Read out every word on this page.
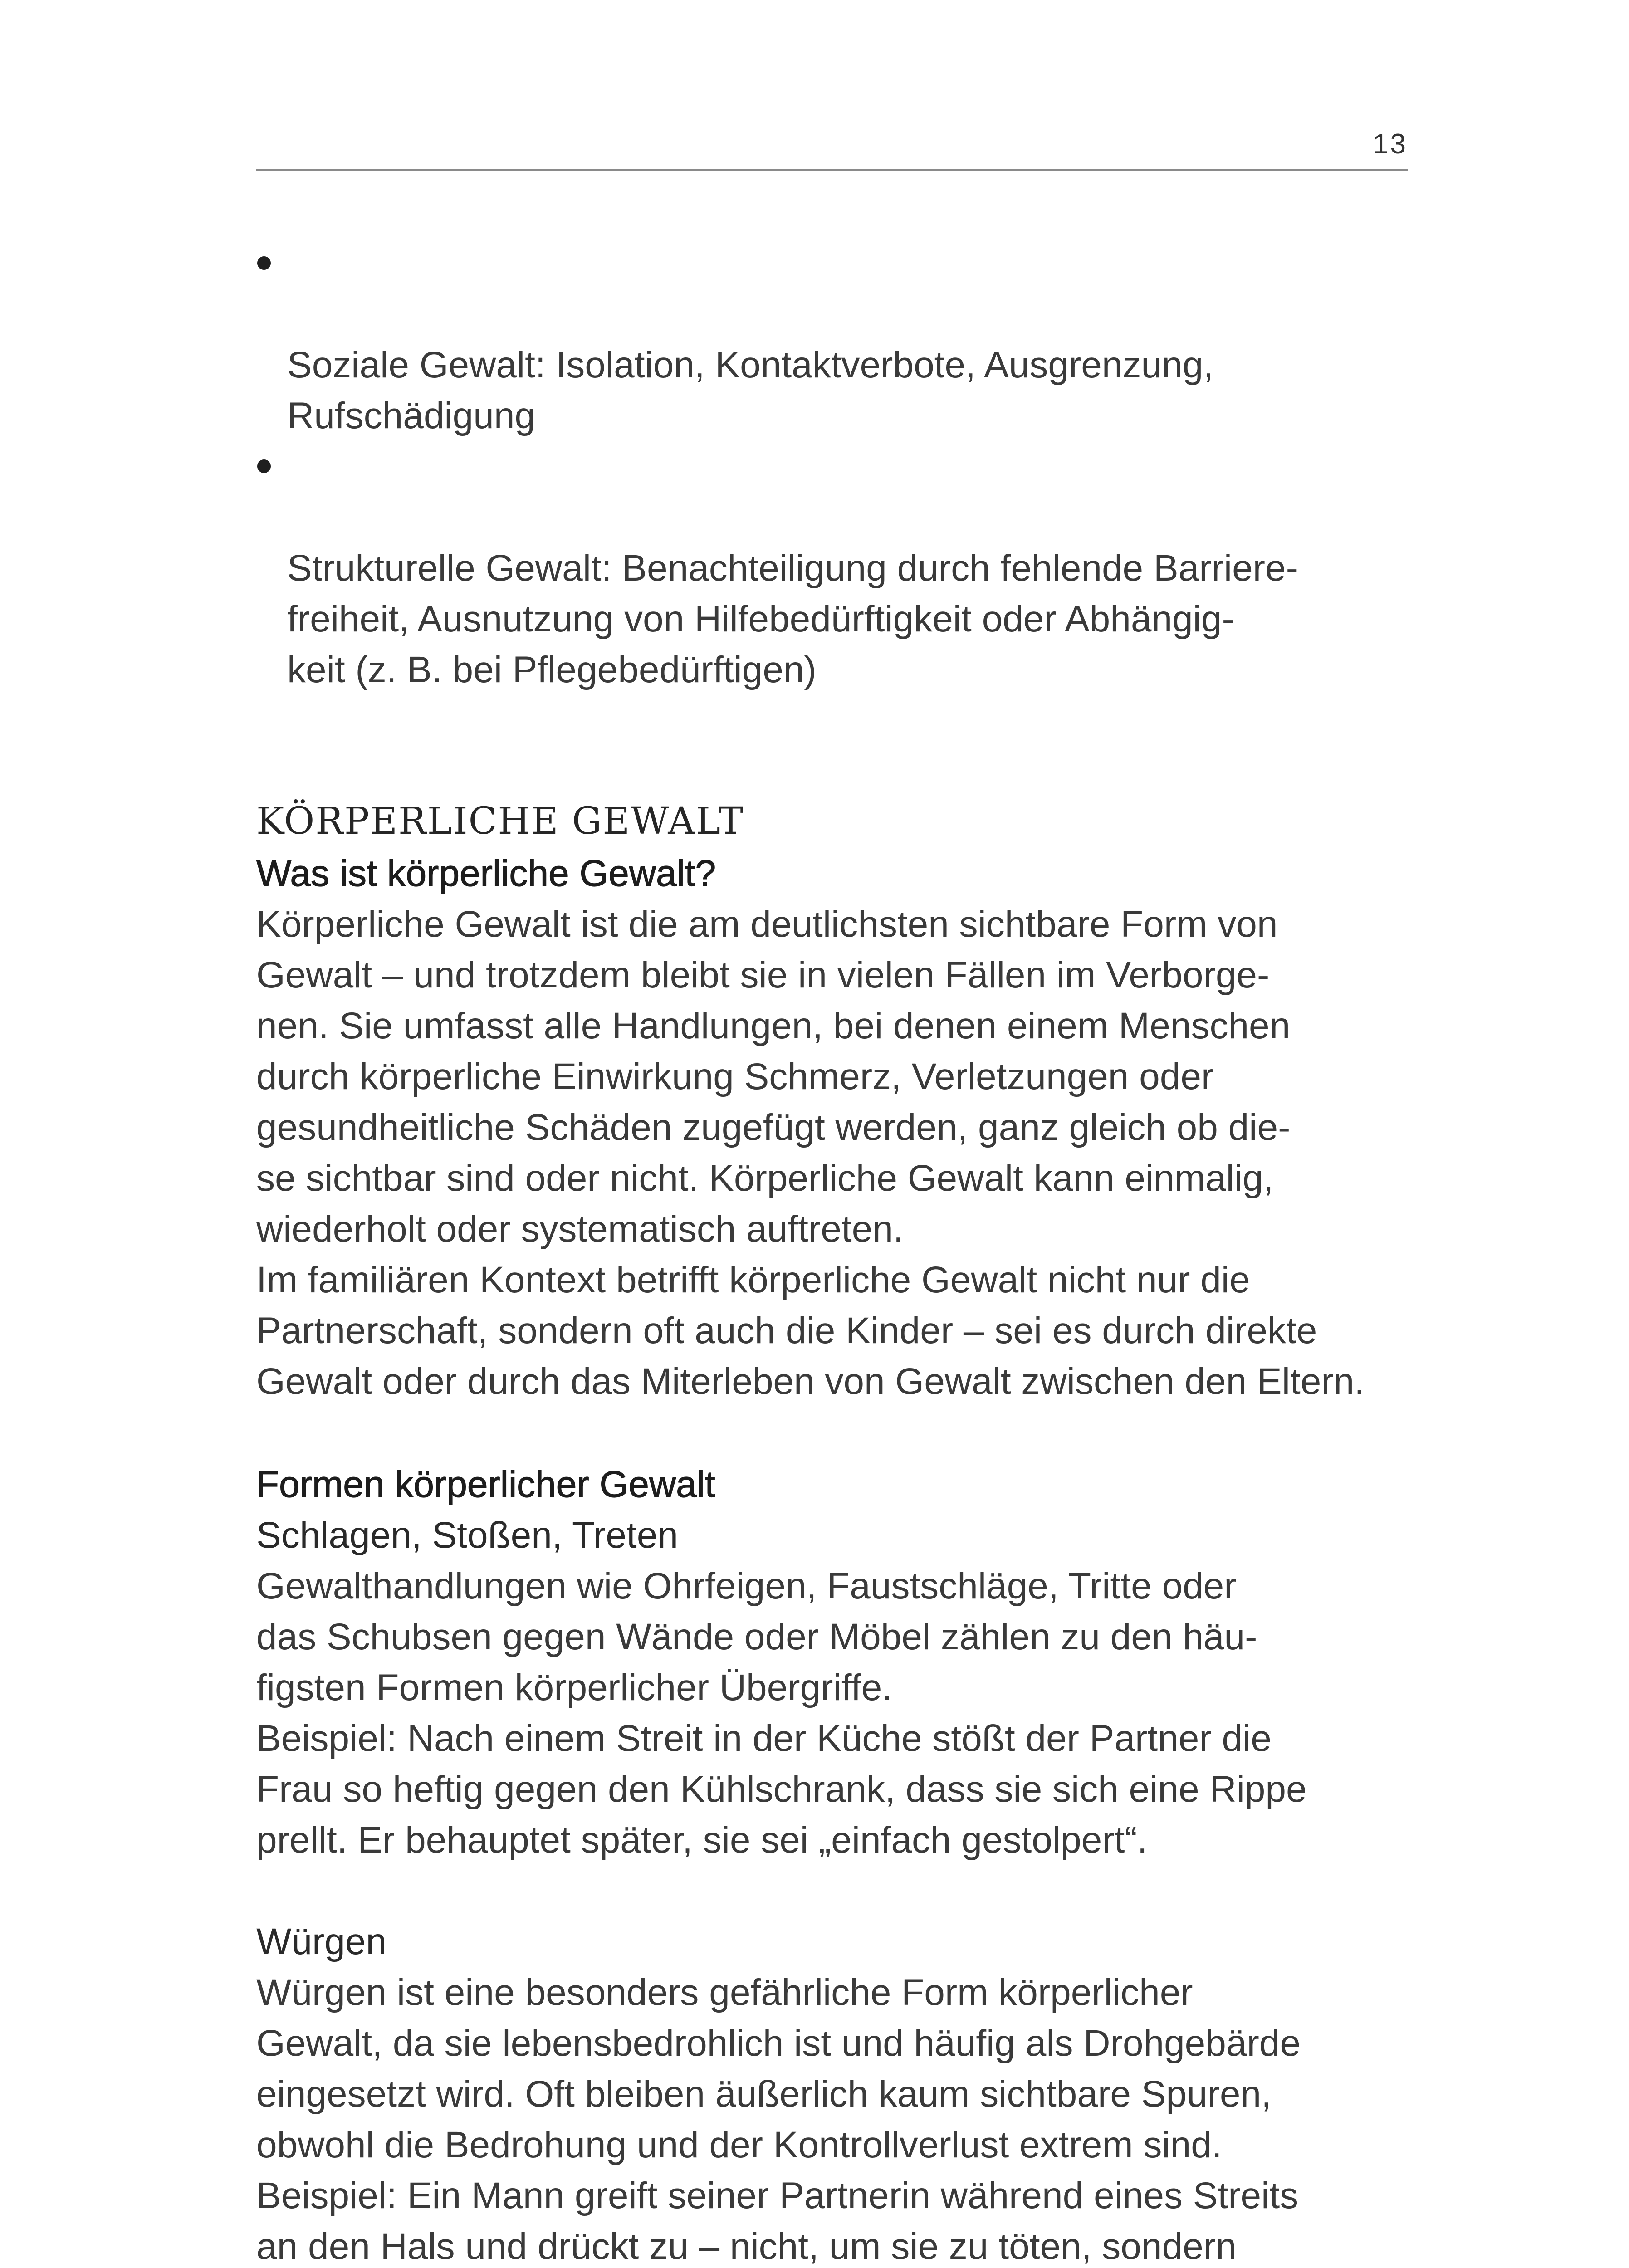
13

Soziale Gewalt: Isolation, Kontaktverbote, Ausgrenzung,
Rufschädigung

Strukturelle Gewalt: Benachteiligung durch fehlende Barriere-
freiheit, Ausnutzung von Hilfebedürftigkeit oder Abhängig-
keit (z. B. bei Pflegebedürftigen)

KÖRPERLICHE GEWALT
Was ist körperliche Gewalt?

Körperliche Gewalt ist die am deutlichsten sichtbare Form von
Gewalt – und trotzdem bleibt sie in vielen Fällen im Verborge-
nen. Sie umfasst alle Handlungen, bei denen einem Menschen
durch körperliche Einwirkung Schmerz, Verletzungen oder
gesundheitliche Schäden zugefügt werden, ganz gleich ob die-
se sichtbar sind oder nicht. Körperliche Gewalt kann einmalig,
wiederholt oder systematisch auftreten.

Im familiären Kontext betrifft körperliche Gewalt nicht nur die
Partnerschaft, sondern oft auch die Kinder – sei es durch direkte
Gewalt oder durch das Miterleben von Gewalt zwischen den Eltern.

Formen körperlicher Gewalt
Schlagen, Stoßen, Treten

Gewalthandlungen wie Ohrfeigen, Faustschläge, Tritte oder
das Schubsen gegen Wände oder Möbel zählen zu den häu-
figsten Formen körperlicher Übergriffe.

Beispiel: Nach einem Streit in der Küche stößt der Partner die
Frau so heftig gegen den Kühlschrank, dass sie sich eine Rippe
prellt. Er behauptet später, sie sei „einfach gestolpert“.

Würgen

Würgen ist eine besonders gefährliche Form körperlicher
Gewalt, da sie lebensbedrohlich ist und häufig als Drohgebärde
eingesetzt wird. Oft bleiben äußerlich kaum sichtbare Spuren,
obwohl die Bedrohung und der Kontrollverlust extrem sind.

Beispiel: Ein Mann greift seiner Partnerin während eines Streits
an den Hals und drückt zu – nicht, um sie zu töten, sondern
